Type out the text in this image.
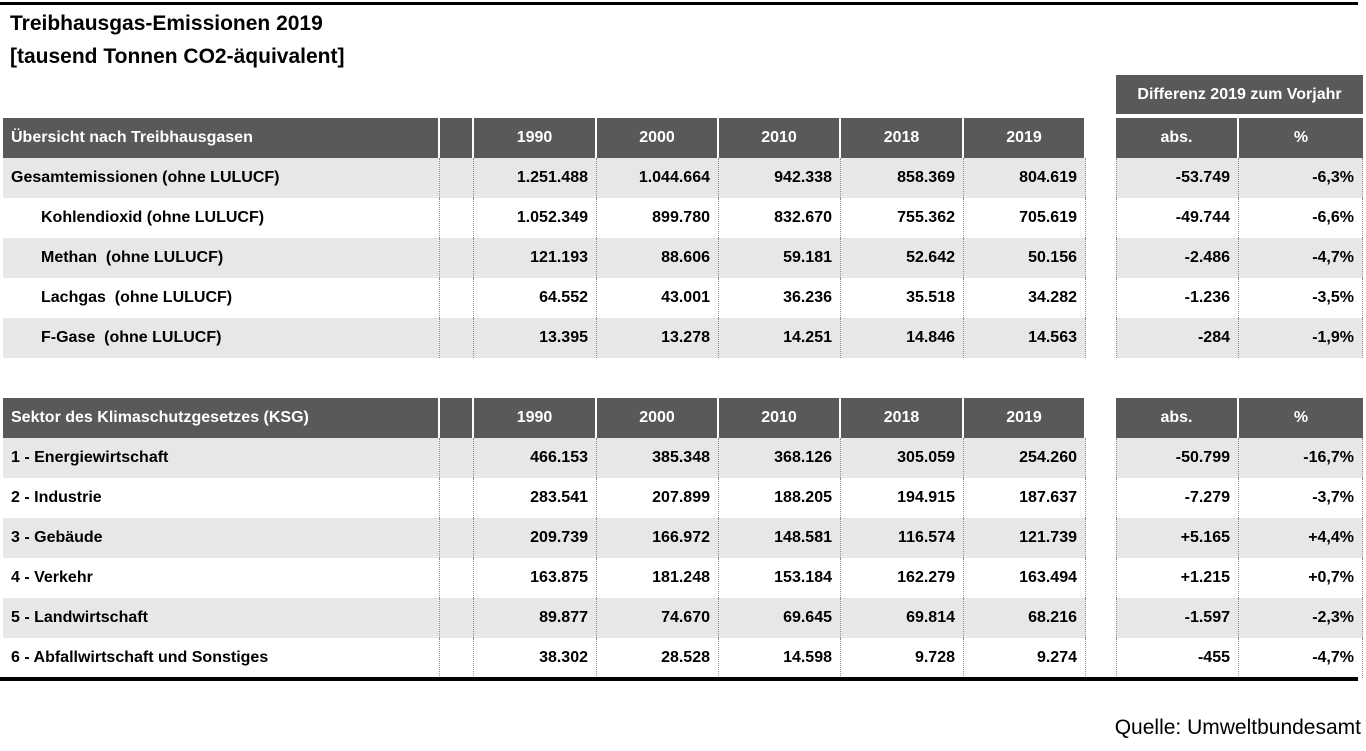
Treibhausgas-Emissionen 2019
[tausend Tonnen CO2-äquivalent]
Differenz 2019 zum Vorjahr
Übersicht nach Treibhausgasen	1990	2000	2010	2018	2019	abs.	%
Gesamtemissionen (ohne LULUCF)	1.251.488	1.044.664	942.338	858.369	804.619	-53.749	-6,3%
Kohlendioxid (ohne LULUCF)	1.052.349	899.780	832.670	755.362	705.619	-49.744	-6,6%
Methan  (ohne LULUCF)	121.193	88.606	59.181	52.642	50.156	-2.486	-4,7%
Lachgas  (ohne LULUCF)	64.552	43.001	36.236	35.518	34.282	-1.236	-3,5%
F-Gase  (ohne LULUCF)	13.395	13.278	14.251	14.846	14.563	-284	-1,9%
Sektor des Klimaschutzgesetzes (KSG)	1990	2000	2010	2018	2019	abs.	%
1 - Energiewirtschaft	466.153	385.348	368.126	305.059	254.260	-50.799	-16,7%
2 - Industrie	283.541	207.899	188.205	194.915	187.637	-7.279	-3,7%
3 - Gebäude	209.739	166.972	148.581	116.574	121.739	+5.165	+4,4%
4 - Verkehr	163.875	181.248	153.184	162.279	163.494	+1.215	+0,7%
5 - Landwirtschaft	89.877	74.670	69.645	69.814	68.216	-1.597	-2,3%
6 - Abfallwirtschaft und Sonstiges	38.302	28.528	14.598	9.728	9.274	-455	-4,7%
Quelle: Umweltbundesamt
